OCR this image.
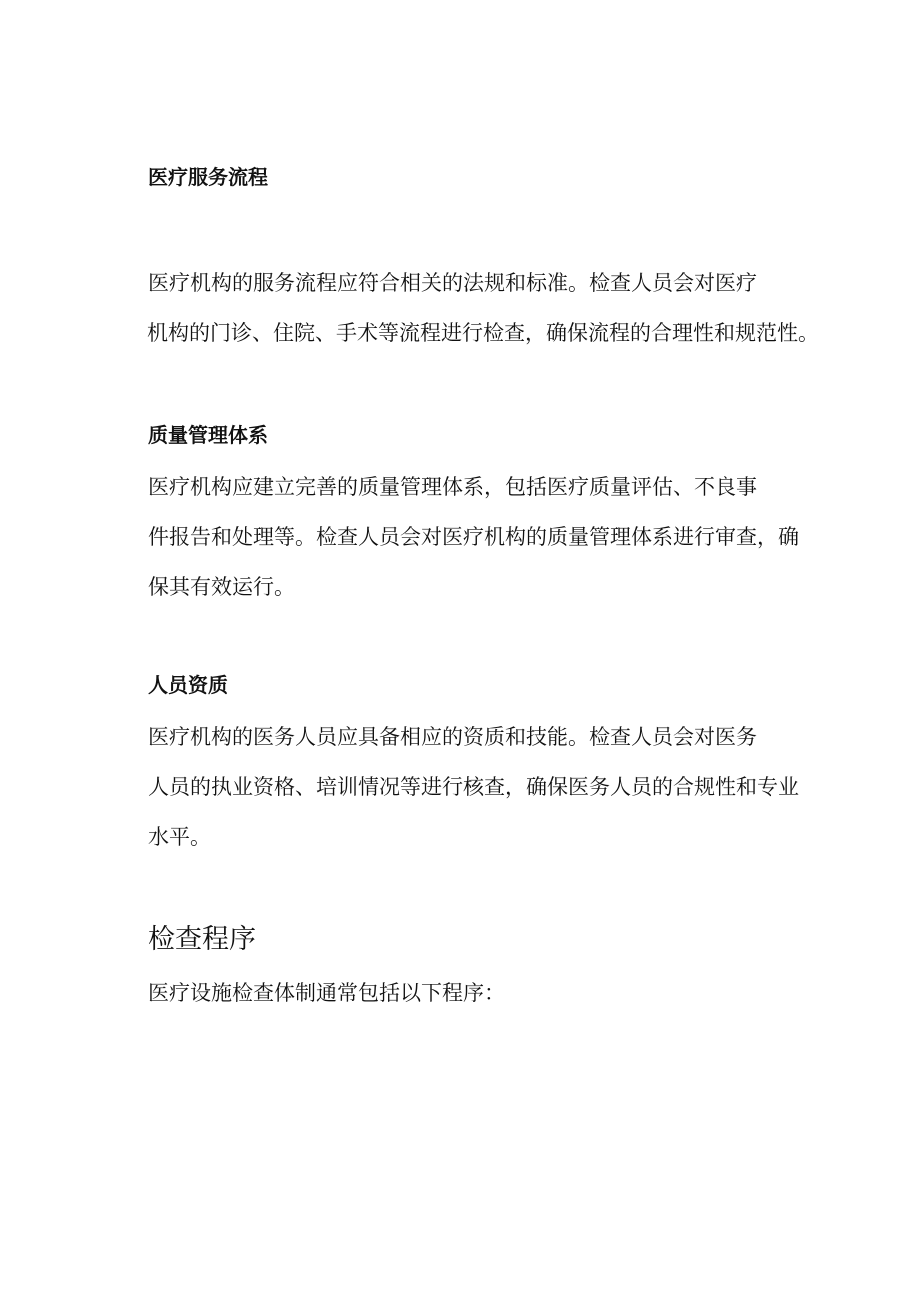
医疗服务流程

医疗机构的服务流程应符合相关的法规和标准。检查人员会对医疗
机构的门诊、住院、手术等流程进行检查，确保流程的合理性和规范性。

质量管理体系

医疗机构应建立完善的质量管理体系，包括医疗质量评估、不良事
件报告和处理等。检查人员会对医疗机构的质量管理体系进行审查，确
保其有效运行。

人员资质

医疗机构的医务人员应具备相应的资质和技能。检查人员会对医务
人员的执业资格、培训情况等进行核查，确保医务人员的合规性和专业
水平。

检查程序

医疗设施检查体制通常包括以下程序：
